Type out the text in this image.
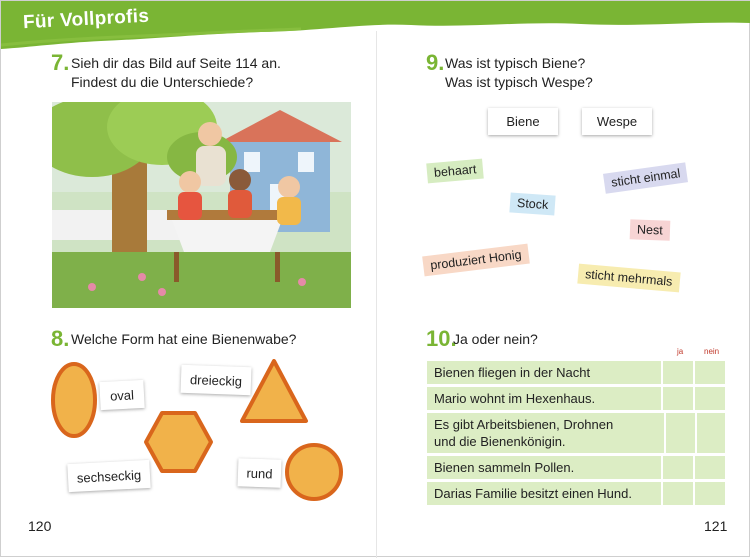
Für Vollprofis
7. Sieh dir das Bild auf Seite 114 an.
Findest du die Unterschiede?
8. Welche Form hat eine Bienenwabe?
oval
dreieckig
sechseckig	rund
120
9. Was ist typisch Biene?
Was ist typisch Wespe?
Biene	Wespe
behaart	sticht einmal
Stock
Nest
produziert Honig
sticht mehrmals
10.
Ja oder nein?
ja	nein
Bienen fliegen in der Nacht
Mario wohnt im Hexenhaus.
Es gibt Arbeitsbienen, Drohnen und die Bienenkönigin.
Bienen sammeln Pollen.
Darias Familie besitzt einen Hund.
121
